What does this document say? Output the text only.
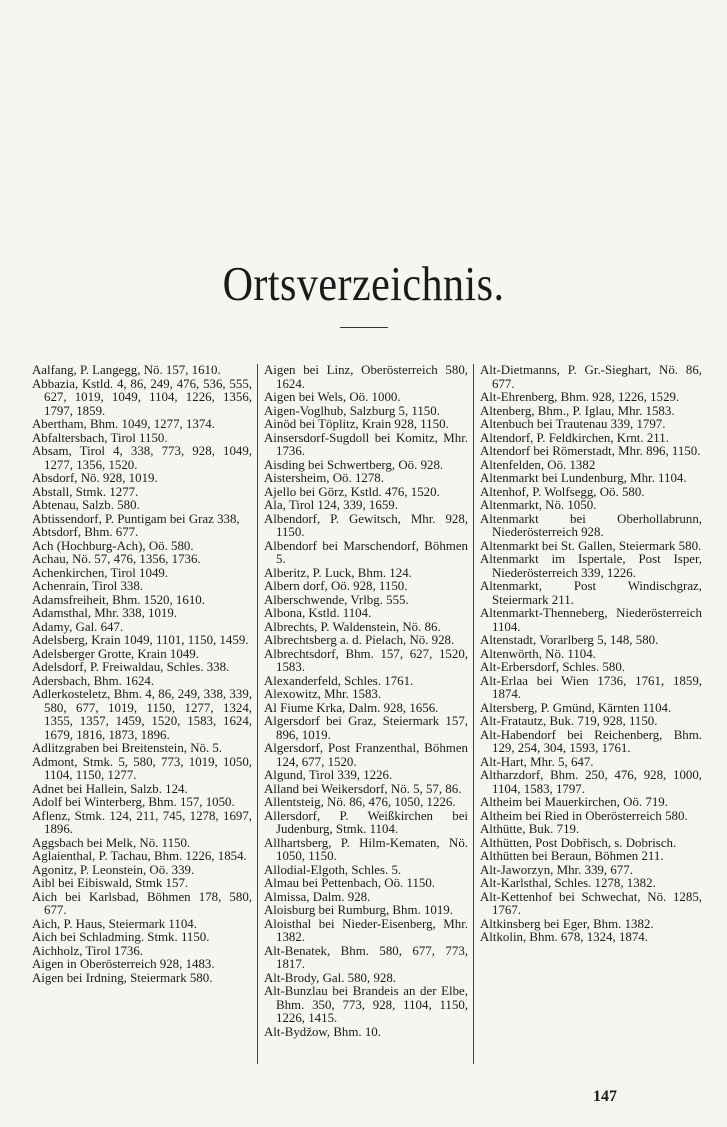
Ortsverzeichnis.

Aalfang, P. Langegg, Nö. 157, 1610.

Abbazia, Kstld. 4, 86, 249, 476, 536, 555, 627, 1019, 1049, 1104, 1226, 1356, 1797, 1859.

Abertham, Bhm. 1049, 1277, 1374.

Abfaltersbach, Tirol 1150.

Absam, Tirol 4, 338, 773, 928, 1049, 1277, 1356, 1520.

Absdorf, Nö. 928, 1019.

Abstall, Stmk. 1277.

Abtenau, Salzb. 580.

Abtissendorf, P. Puntigam bei Graz 338,

Abtsdorf, Bhm. 677.

Ach (Hochburg-Ach), Oö. 580.

Achau, Nö. 57, 476, 1356, 1736.

Achenkirchen, Tirol 1049.

Achenrain, Tirol 338.

Adamsfreiheit, Bhm. 1520, 1610.

Adamsthal, Mhr. 338, 1019.

Adamy, Gal. 647.

Adelsberg, Krain 1049, 1101, 1150, 1459.

Adelsberger Grotte, Krain 1049.

Adelsdorf, P. Freiwaldau, Schles. 338.

Adersbach, Bhm. 1624.

Adlerkosteletz, Bhm. 4, 86, 249, 338, 339, 580, 677, 1019, 1150, 1277, 1324, 1355, 1357, 1459, 1520, 1583, 1624, 1679, 1816, 1873, 1896.

Adlitzgraben bei Breitenstein, Nö. 5.

Admont, Stmk. 5, 580, 773, 1019, 1050, 1104, 1150, 1277.

Adnet bei Hallein, Salzb. 124.

Adolf bei Winterberg, Bhm. 157, 1050.

Aflenz, Stmk. 124, 211, 745, 1278, 1697, 1896.

Aggsbach bei Melk, Nö. 1150.

Aglaienthal, P. Tachau, Bhm. 1226, 1854.

Agonitz, P. Leonstein, Oö. 339.

Aibl bei Eibiswald, Stmk 157.

Aich bei Karlsbad, Böhmen 178, 580, 677.

Aich, P. Haus, Steiermark 1104.

Aich bei Schladming. Stmk. 1150.

Aichholz, Tirol 1736.

Aigen in Oberösterreich 928, 1483.

Aigen bei Irdning, Steiermark 580.

Aigen bei Linz, Oberösterreich 580, 1624.

Aigen bei Wels, Oö. 1000.

Aigen-Voglhub, Salzburg 5, 1150.

Ainöd bei Töplitz, Krain 928, 1150.

Ainsersdorf-Sugdoll bei Komitz, Mhr. 1736.

Aisding bei Schwertberg, Oö. 928.

Aistersheim, Oö. 1278.

Ajello bei Görz, Kstld. 476, 1520.

Ala, Tirol 124, 339, 1659.

Albendorf, P. Gewitsch, Mhr. 928, 1150.

Albendorf bei Marschendorf, Böhmen 5.

Alberitz, P. Luck, Bhm. 124.

Albern dorf, Oö. 928, 1150.

Alberschwende, Vrlbg. 555.

Albona, Kstld. 1104.

Albrechts, P. Waldenstein, Nö. 86.

Albrechtsberg a. d. Pielach, Nö. 928.

Albrechtsdorf, Bhm. 157, 627, 1520, 1583.

Alexanderfeld, Schles. 1761.

Alexowitz, Mhr. 1583.

Al Fiume Krka, Dalm. 928, 1656.

Algersdorf bei Graz, Steiermark 157, 896, 1019.

Algersdorf, Post Franzenthal, Böhmen 124, 677, 1520.

Algund, Tirol 339, 1226.

Alland bei Weikersdorf, Nö. 5, 57, 86.

Allentsteig, Nö. 86, 476, 1050, 1226.

Allersdorf, P. Weißkirchen bei Judenburg, Stmk. 1104.

Allhartsberg, P. Hilm-Kematen, Nö. 1050, 1150.

Allodial-Elgoth, Schles. 5.

Almau bei Pettenbach, Oö. 1150.

Almissa, Dalm. 928.

Aloisburg bei Rumburg, Bhm. 1019.

Aloisthal bei Nieder-Eisenberg, Mhr. 1382.

Alt-Benatek, Bhm. 580, 677, 773, 1817.

Alt-Brody, Gal. 580, 928.

Alt-Bunzlau bei Brandeis an der Elbe, Bhm. 350, 773, 928, 1104, 1150, 1226, 1415.

Alt-Bydžow, Bhm. 10.

Alt-Dietmanns, P. Gr.-Sieghart, Nö. 86, 677.

Alt-Ehrenberg, Bhm. 928, 1226, 1529.

Altenberg, Bhm., P. Iglau, Mhr. 1583.

Altenbuch bei Trautenau 339, 1797.

Altendorf, P. Feldkirchen, Krnt. 211.

Altendorf bei Römerstadt, Mhr. 896, 1150.

Altenfelden, Oö. 1382

Altenmarkt bei Lundenburg, Mhr. 1104.

Altenhof, P. Wolfsegg, Oö. 580.

Altenmarkt, Nö. 1050.

Altenmarkt bei Oberhollabrunn, Niederösterreich 928.

Altenmarkt bei St. Gallen, Steiermark 580.

Altenmarkt im Ispertale, Post Isper, Niederösterreich 339, 1226.

Altenmarkt, Post Windischgraz, Steiermark 211.

Altenmarkt-Thenneberg, Niederösterreich 1104.

Altenstadt, Vorarlberg 5, 148, 580.

Altenwörth, Nö. 1104.

Alt-Erbersdorf, Schles. 580.

Alt-Erlaa bei Wien 1736, 1761, 1859, 1874.

Altersberg, P. Gmünd, Kärnten 1104.

Alt-Fratautz, Buk. 719, 928, 1150.

Alt-Habendorf bei Reichenberg, Bhm. 129, 254, 304, 1593, 1761.

Alt-Hart, Mhr. 5, 647.

Altharzdorf, Bhm. 250, 476, 928, 1000, 1104, 1583, 1797.

Altheim bei Mauerkirchen, Oö. 719.

Altheim bei Ried in Oberösterreich 580.

Althütte, Buk. 719.

Althütten, Post Dobřisch, s. Dobrisch.

Althütten bei Beraun, Böhmen 211.

Alt-Jaworzyn, Mhr. 339, 677.

Alt-Karlsthal, Schles. 1278, 1382.

Alt-Kettenhof bei Schwechat, Nö. 1285, 1767.

Altkinsberg bei Eger, Bhm. 1382.

Altkolin, Bhm. 678, 1324, 1874.

147
